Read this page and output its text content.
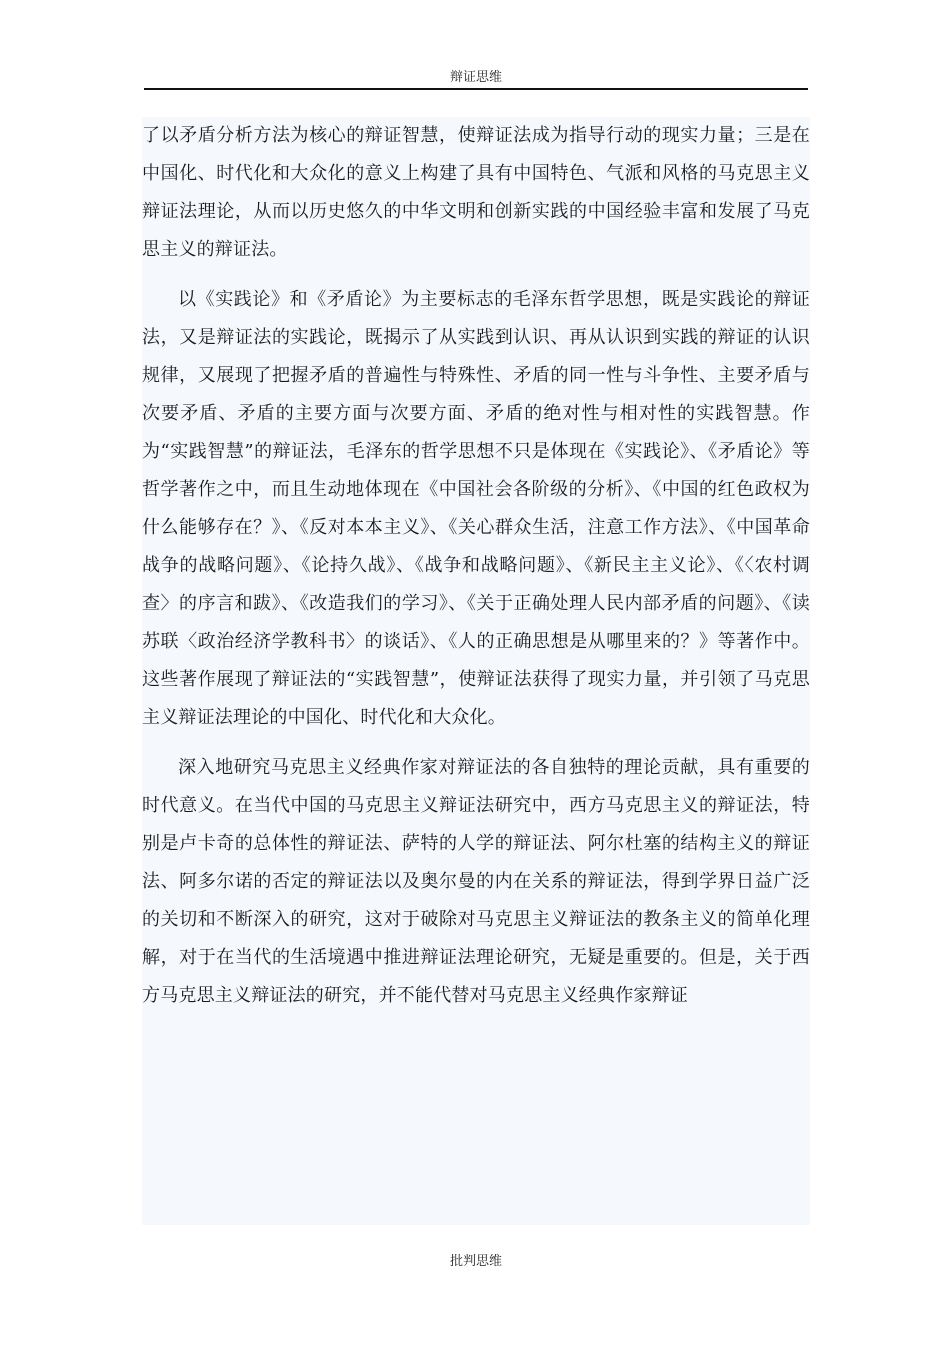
辩证思维

了以矛盾分析方法为核心的辩证智慧，使辩证法成为指导行动的现实力量；三是在中国化、时代化和大众化的意义上构建了具有中国特色、气派和风格的马克思主义辩证法理论，从而以历史悠久的中华文明和创新实践的中国经验丰富和发展了马克思主义的辩证法。

以《实践论》和《矛盾论》为主要标志的毛泽东哲学思想，既是实践论的辩证法，又是辩证法的实践论，既揭示了从实践到认识、再从认识到实践的辩证的认识规律，又展现了把握矛盾的普遍性与特殊性、矛盾的同一性与斗争性、主要矛盾与次要矛盾、矛盾的主要方面与次要方面、矛盾的绝对性与相对性的实践智慧。作为“实践智慧”的辩证法，毛泽东的哲学思想不只是体现在《实践论》、《矛盾论》等哲学著作之中，而且生动地体现在《中国社会各阶级的分析》、《中国的红色政权为什么能够存在？》、《反对本本主义》、《关心群众生活，注意工作方法》、《中国革命战争的战略问题》、《论持久战》、《战争和战略问题》、《新民主主义论》、《〈农村调查〉的序言和跋》、《改造我们的学习》、《关于正确处理人民内部矛盾的问题》、《读苏联〈政治经济学教科书〉的谈话》、《人的正确思想是从哪里来的？》等著作中。这些著作展现了辩证法的“实践智慧”，使辩证法获得了现实力量，并引领了马克思主义辩证法理论的中国化、时代化和大众化。

深入地研究马克思主义经典作家对辩证法的各自独特的理论贡献，具有重要的时代意义。在当代中国的马克思主义辩证法研究中，西方马克思主义的辩证法，特别是卢卡奇的总体性的辩证法、萨特的人学的辩证法、阿尔杜塞的结构主义的辩证法、阿多尔诺的否定的辩证法以及奥尔曼的内在关系的辩证法，得到学界日益广泛的关切和不断深入的研究，这对于破除对马克思主义辩证法的教条主义的简单化理解，对于在当代的生活境遇中推进辩证法理论研究，无疑是重要的。但是，关于西方马克思主义辩证法的研究，并不能代替对马克思主义经典作家辩证

批判思维
